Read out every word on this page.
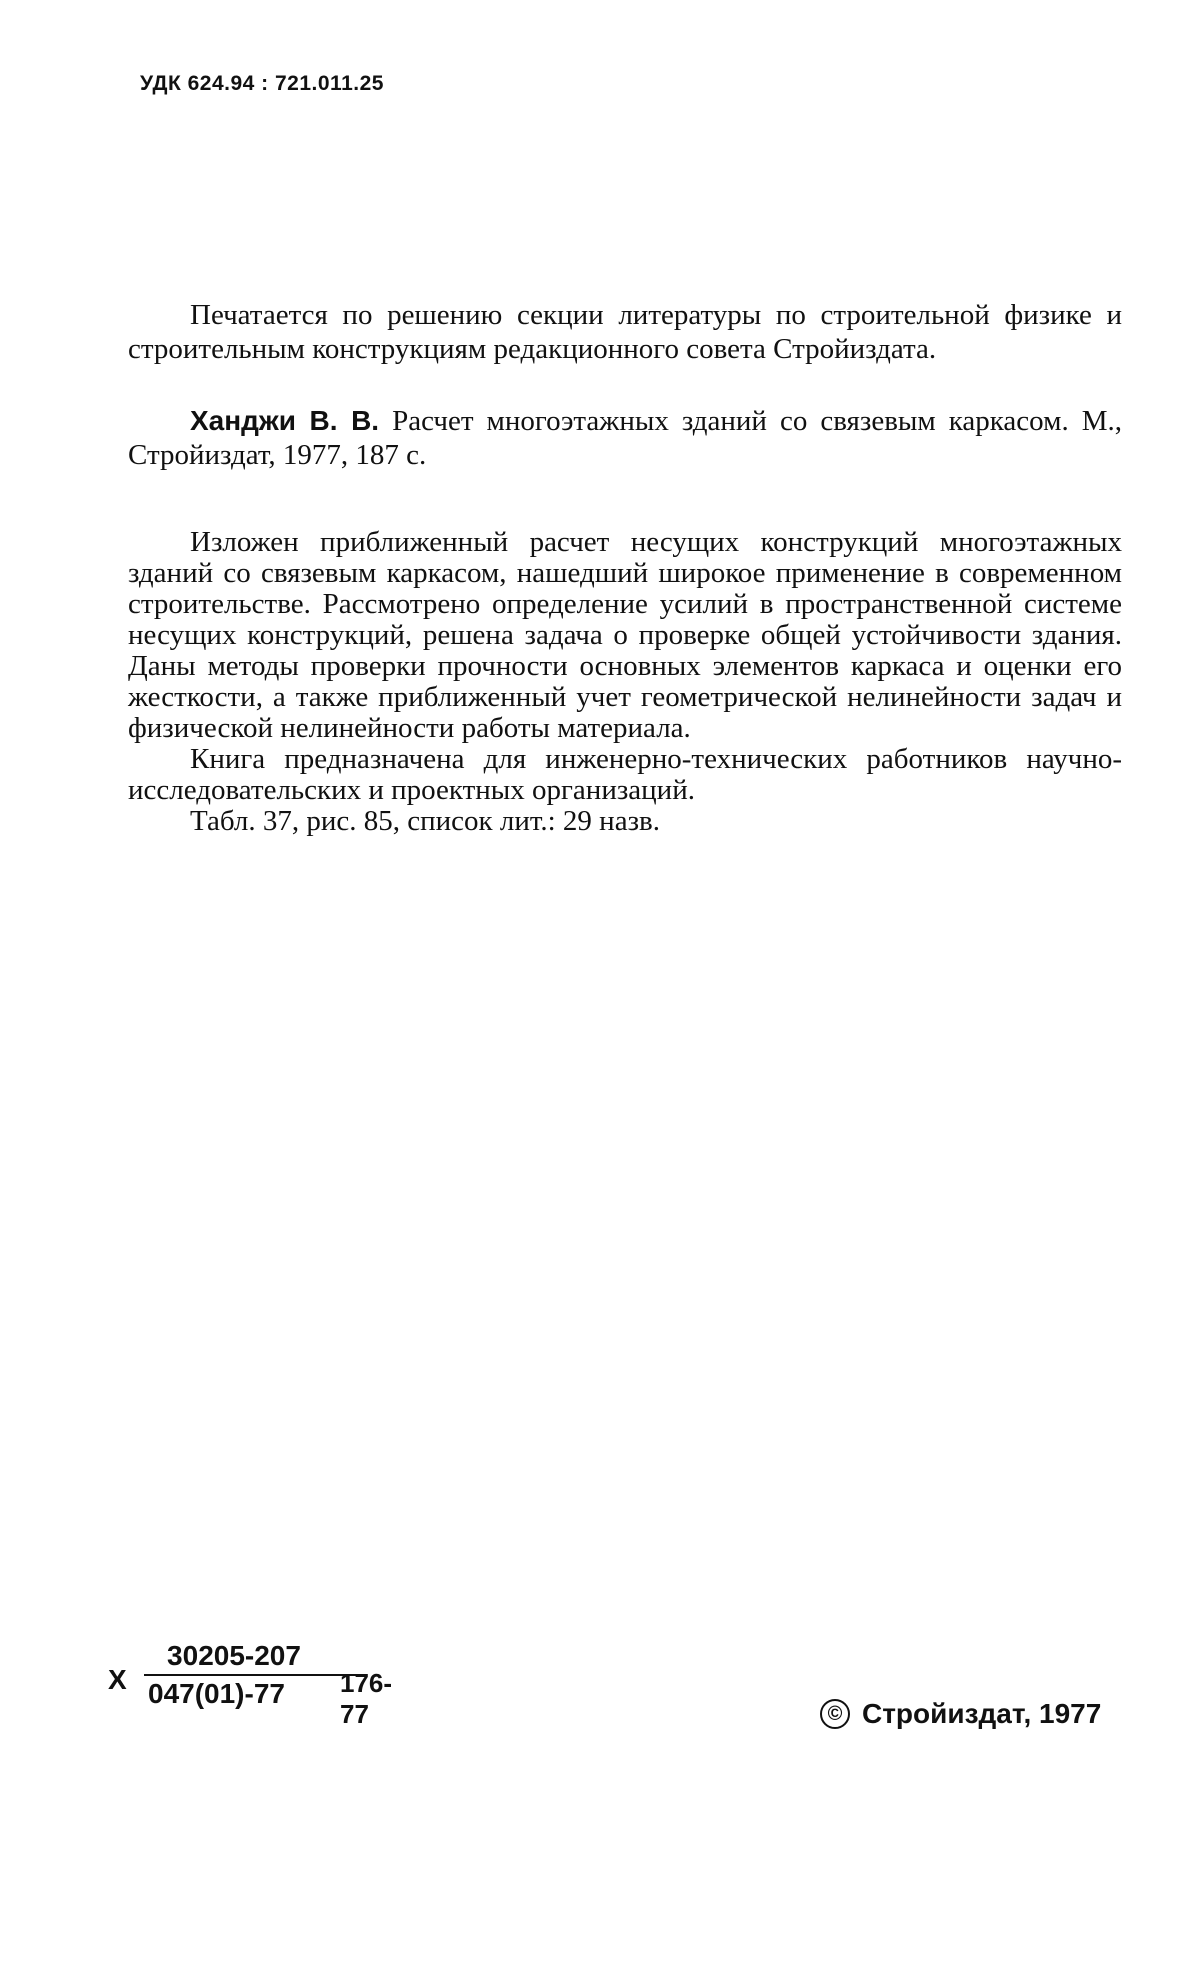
УДК 624.94 : 721.011.25

Печатается по решению секции литературы по строительной физике и строительным конструкциям редакционного совета Стройиздата.

Ханджи В. В. Расчет многоэтажных зданий со связевым каркасом. М., Стройиздат, 1977, 187 с.

Изложен приближенный расчет несущих конструкций многоэтажных зданий со связевым каркасом, нашедший широкое применение в современном строительстве. Рассмотрено определение усилий в пространственной системе несущих конструкций, решена задача о проверке общей устойчивости здания. Даны методы проверки прочности основных элементов каркаса и оценки его жесткости, а также приближенный учет геометрической нелинейности задач и физической нелинейности работы материала.

Книга предназначена для инженерно-технических работников научно-исследовательских и проектных организаций.

Табл. 37, рис. 85, список лит.: 29 назв.

Х
30205-207
047(01)-77	176-77	© Стройиздат, 1977
